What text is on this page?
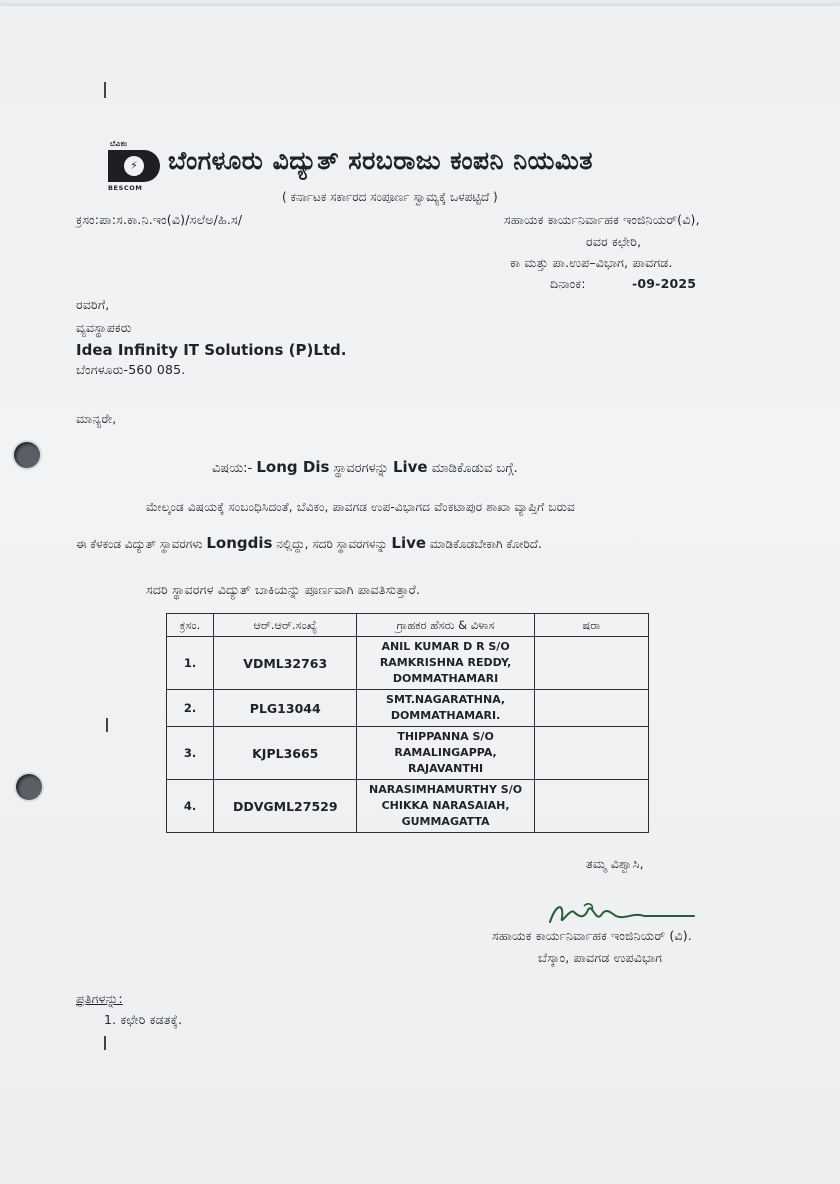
ಬೆವಿಕಂ
⚡
BESCOM
ಬೆಂಗಳೂರು ವಿದ್ಯುತ್ ಸರಬರಾಜು ಕಂಪನಿ ನಿಯಮಿತ
( ಕರ್ನಾಟಕ ಸರ್ಕಾರದ ಸಂಪೂರ್ಣ ಸ್ವಾಮ್ಯಕ್ಕೆ ಒಳಪಟ್ಟಿದೆ )
ಕ್ರಸಂ:ಪಾ:ಸ.ಕಾ.ನಿ.ಇಂ(ವಿ)/ಸಲೆಅ/ಹಿ.ಸ/	ಸಹಾಯಕ ಕಾರ್ಯನಿರ್ವಾಹಕ ಇಂಜಿನಿಯರ್(ವಿ),
ರವರ ಕಛೇರಿ,
ಕಾ ಮತ್ತು ಪಾ.ಉಪ–ವಿಭಾಗ, ಪಾವಗಡ.
ದಿನಾಂಕ:	-09-2025
ರವರಿಗೆ,
ವ್ಯವಸ್ಥಾಪಕರು
Idea Infinity IT Solutions (P)Ltd.
ಬೆಂಗಳೂರು-560 085.
ಮಾನ್ಯರೇ,
ವಿಷಯ:- Long Dis ಸ್ಥಾವರಗಳನ್ನು Live ಮಾಡಿಕೊಡುವ ಬಗ್ಗೆ.
ಮೇಲ್ಕಂಡ ವಿಷಯಕ್ಕೆ ಸಂಬಂಧಿಸಿದಂತೆ, ಬೆವಿಕಂ, ಪಾವಗಡ ಉಪ-ವಿಭಾಗದ ವೆಂಕಟಾಪುರ ಶಾಖಾ ವ್ಯಾಪ್ತಿಗೆ ಬರುವ
ಈ ಕೆಳಕಂಡ ವಿದ್ಯುತ್ ಸ್ಥಾವರಗಳು Longdis ನಲ್ಲಿದ್ದು, ಸದರಿ ಸ್ಥಾವರಗಳನ್ನು Live ಮಾಡಿಕೊಡಬೇಕಾಗಿ ಕೋರಿದೆ.
ಸದರಿ ಸ್ಥಾವರಗಳ ವಿದ್ಯುತ್ ಬಾಕಿಯನ್ನು ಪೂರ್ಣವಾಗಿ ಪಾವತಿಸುತ್ತಾರೆ.
ಕ್ರಸಂ.	ಆರ್.ಆರ್.ಸಂಖ್ಯೆ	ಗ್ರಾಹಕರ ಹೆಸರು & ವಿಳಾಸ	ಷರಾ
1.	VDML32763	ANIL KUMAR D R S/O RAMKRISHNA REDDY, DOMMATHAMARI	
2.	PLG13044	SMT.NAGARATHNA, DOMMATHAMARI.	
3.	KJPL3665	THIPPANNA S/O RAMALINGAPPA, RAJAVANTHI	
4.	DDVGML27529	NARASIMHAMURTHY S/O CHIKKA NARASAIAH, GUMMAGATTA	
ತಮ್ಮ ವಿಶ್ವಾಸಿ,
ಸಹಾಯಕ ಕಾರ್ಯನಿರ್ವಾಹಕ ಇಂಜಿನಿಯರ್ (ವಿ).
ಬೆಸ್ಕಾಂ, ಪಾವಗಡ ಉಪವಿಭಾಗ
ಪ್ರತಿಗಳನ್ನು:
1. ಕಛೇರಿ ಕಡತಕ್ಕೆ.
